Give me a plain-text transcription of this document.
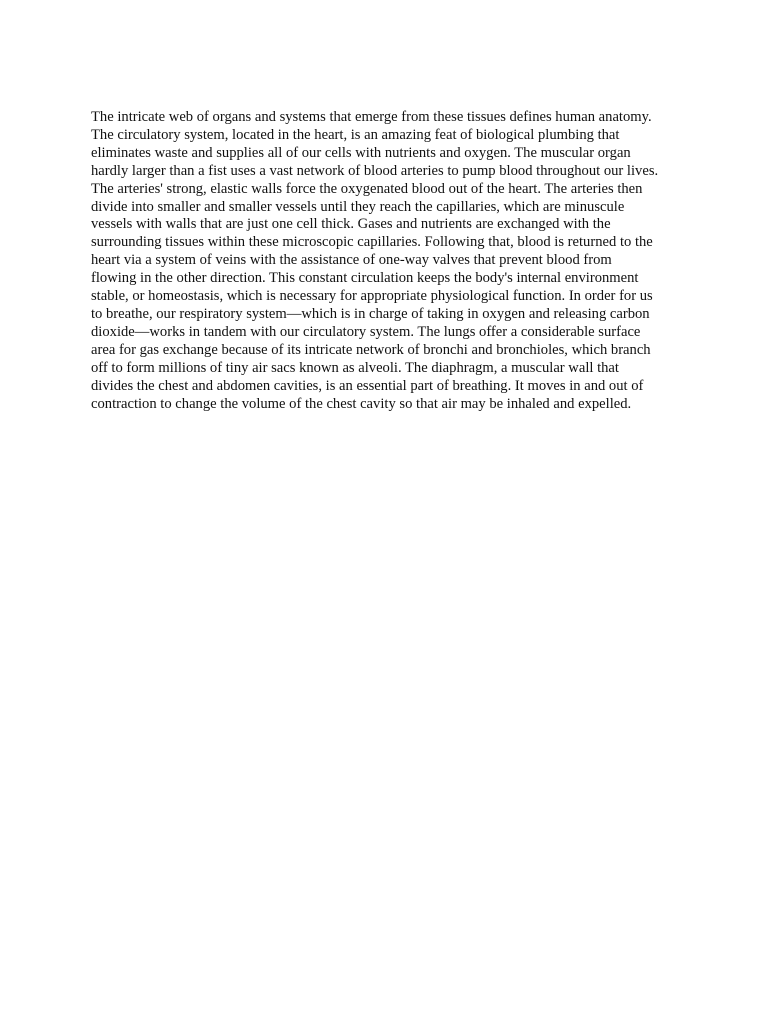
The intricate web of organs and systems that emerge from these tissues defines human anatomy.
The circulatory system, located in the heart, is an amazing feat of biological plumbing that
eliminates waste and supplies all of our cells with nutrients and oxygen. The muscular organ
hardly larger than a fist uses a vast network of blood arteries to pump blood throughout our lives.
The arteries' strong, elastic walls force the oxygenated blood out of the heart. The arteries then
divide into smaller and smaller vessels until they reach the capillaries, which are minuscule
vessels with walls that are just one cell thick. Gases and nutrients are exchanged with the
surrounding tissues within these microscopic capillaries. Following that, blood is returned to the
heart via a system of veins with the assistance of one-way valves that prevent blood from
flowing in the other direction. This constant circulation keeps the body's internal environment
stable, or homeostasis, which is necessary for appropriate physiological function. In order for us
to breathe, our respiratory system—which is in charge of taking in oxygen and releasing carbon
dioxide—works in tandem with our circulatory system. The lungs offer a considerable surface
area for gas exchange because of its intricate network of bronchi and bronchioles, which branch
off to form millions of tiny air sacs known as alveoli. The diaphragm, a muscular wall that
divides the chest and abdomen cavities, is an essential part of breathing. It moves in and out of
contraction to change the volume of the chest cavity so that air may be inhaled and expelled.
